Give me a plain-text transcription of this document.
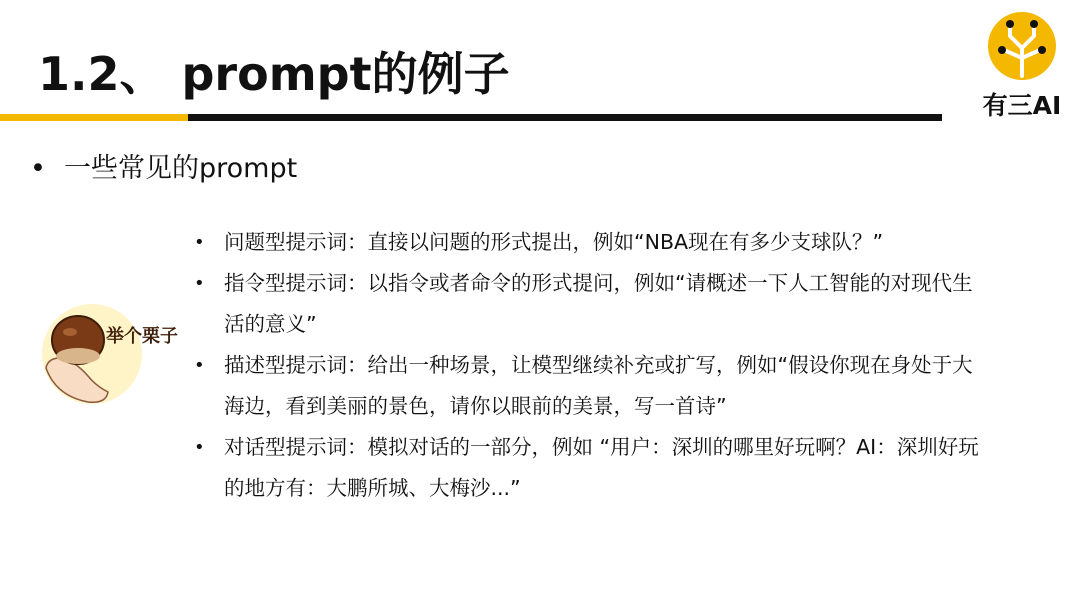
1.2、 prompt的例子
有三AI
• 一些常见的prompt
举个栗子
• 问题型提示词：直接以问题的形式提出，例如“NBA现在有多少支球队？”
• 指令型提示词：以指令或者命令的形式提问，例如“请概述一下人工智能的对现代生活的意义”
• 描述型提示词：给出一种场景，让模型继续补充或扩写，例如“假设你现在身处于大海边，看到美丽的景色，请你以眼前的美景，写一首诗”
• 对话型提示词：模拟对话的一部分，例如 “用户：深圳的哪里好玩啊？AI：深圳好玩的地方有：大鹏所城、大梅沙...”
